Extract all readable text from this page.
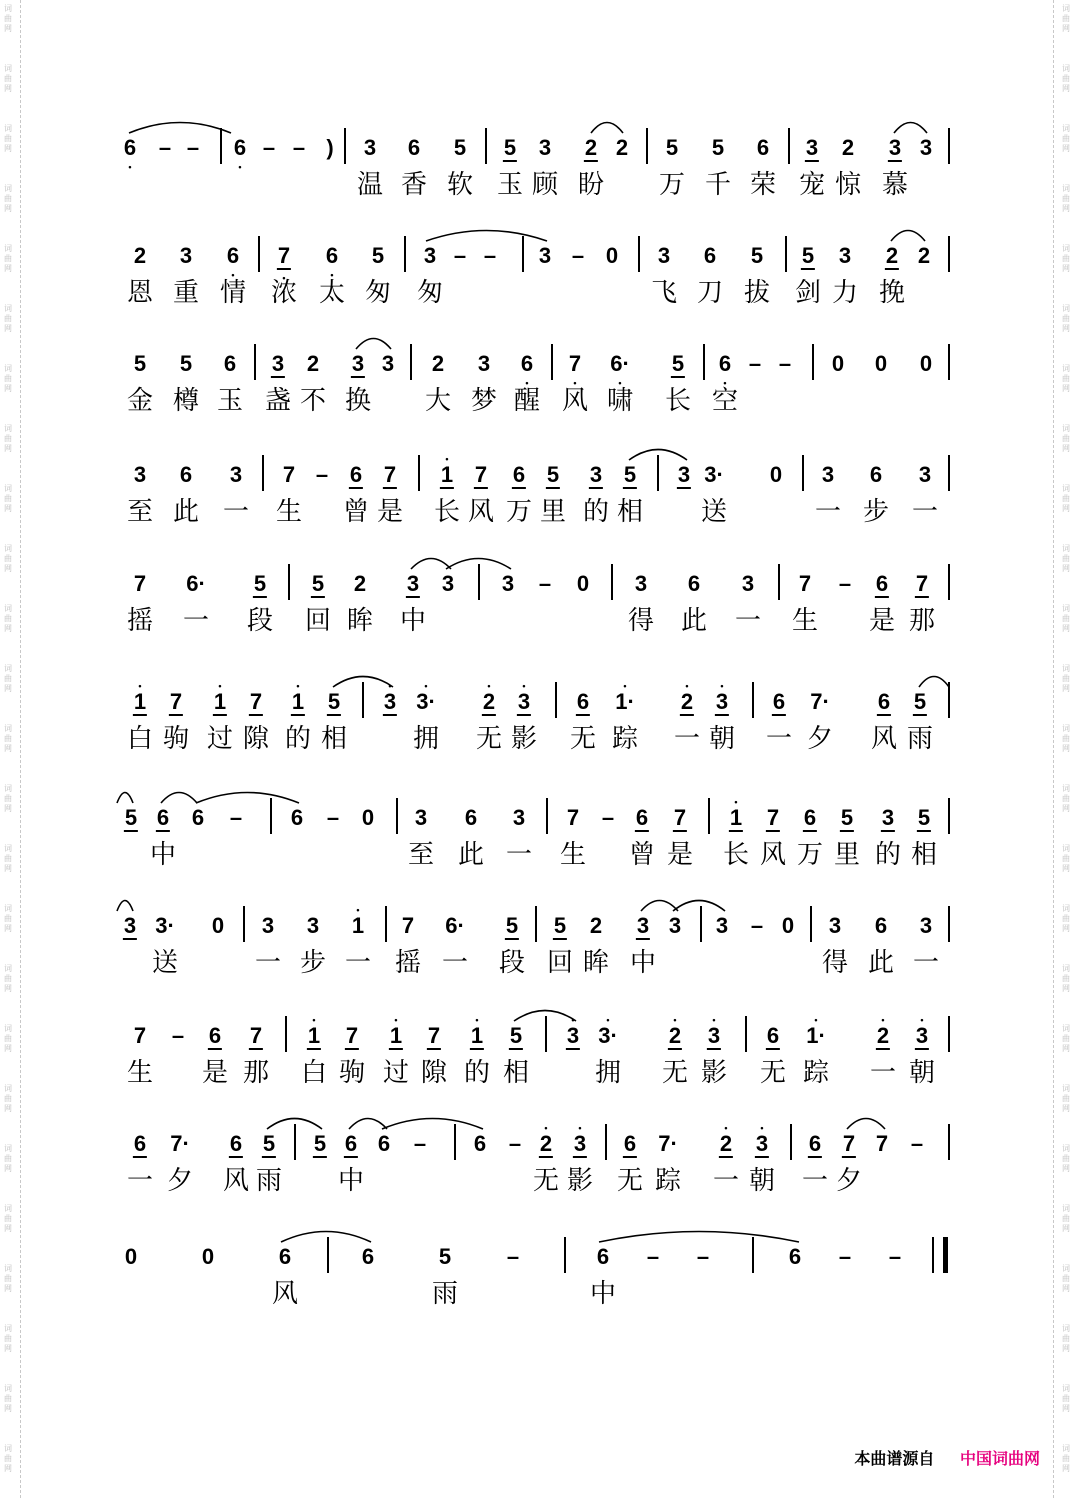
词
曲
网
词
曲
网
词
曲
网
词
曲
网
词
曲
网
词
曲
网
词
曲
网
词
曲
网
词
曲
网
词
曲
网
词
曲
网
词
曲
网
词
曲
网
词
曲
网
词
曲
网
词
曲
网
词
曲
网
词
曲
网
词
曲
网
词
曲
网
词
曲
网
词
曲
网
词
曲
网
词
曲
网
词
曲
网
词
曲
网
词
曲
网
词
曲
网
词
曲
网
词
曲
网
词
曲
网
词
曲
网
词
曲
网
词
曲
网
词
曲
网
词
曲
网
词
曲
网
词
曲
网
词
曲
网
词
曲
网
词
曲
网
词
曲
网
词
曲
网
词
曲
网
词
曲
网
词
曲
网
词
曲
网
词
曲
网
词
曲
网
词
曲
网
• 6 – – • 6 – – ) 3 6 5 5 3 2 2 5 5 6 3 2 3 3
温 香 软 玉 顾 盼 万 千 荣 宠 惊 慕
2 3 • 6 • 7 • 6 5 3 – – 3 – 0 3 6 5 5 3 2 2
恩 重 情 浓 太 匆 匆	飞 刀 拔 剑 力 挽
5 5 6 3 2 3 3 2 3 • 6 • 7 • 6· 5 • 6 – – 0 0 0
金 樽 玉 盏 不 换 大 梦 醒 风 啸 长 空
3 6 3 7 – 6 7 • 1 7 6 5 3 5 3 3· 0 3 6 3
至 此 一 生 曾 是 长 风 万 里 的 相 送	一 步 一
7 6· 5 5 2 3 3 3 – 0 3 6 3 7 – 6 7
摇 一 段 回 眸 中	得 此 一 生 是 那
• 1 7 • 1 7 • 1 5 • 3 • 3· • 2 • 3 6 • 1· • 2 • 3 6 7· 6 5
白 驹 过 隙 的 相	拥 无 影 无 踪 一 朝 一 夕 风 雨
5 6 6 – 6 – 0 3 6 3 7 – 6 7 • 1 7 6 5 3 5
中	至 此 一 生 曾 是 长 风 万 里 的 相
3 3· 0 3 3 • 1 7 6· 5 5 2 3 3 3 – 0 3 6 3
送	一 步 一 摇 一 段 回 眸 中	得 此 一
7 – 6 7 • 1 7 • 1 7 • 1 5 • 3 • 3· • 2 • 3 6 • 1· • 2 • 3
生 是 那 白 驹 过 隙 的 相	拥 无 影 无 踪 一 朝
6 7· 6 5 5 6 6 – 6 – • 2 • 3 6 7· • 2 • 3 6 7 7 –
一 夕 风 雨 中	无 影 无 踪 一 朝 一 夕
0	0	6	6	5	–	6 – –	6 – –
风	雨	中
本曲谱源自 中国词曲网
